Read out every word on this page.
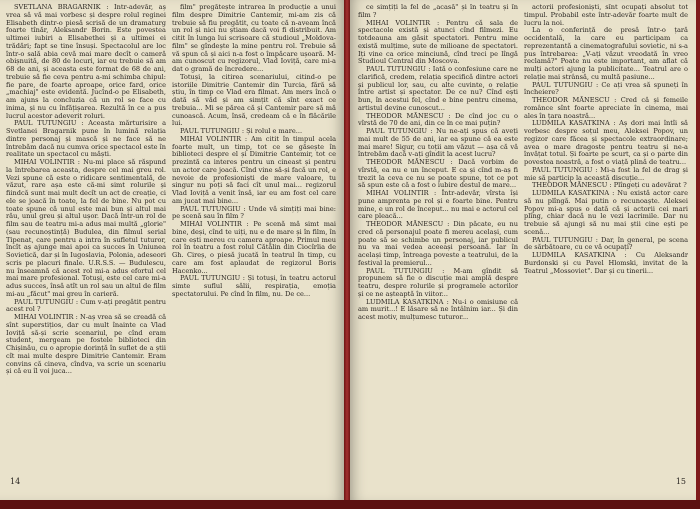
SVETLANA BRAGARNIK : Într-adevăr, aș vrea să vă mai vorbesc și despre rolul reginei Elisabeth dintr-o piesă scrisă de un dramaturg foarte tînăr, Aleksandr Borin. Este povestea ultimei iubiri a Elisabethei și a ultimei ei trădări; fapt se tine însuși. Spectacolul are loc într-o sală abia cevă mai mare decît o cameră obișnuită, de 80 de locuri, iar eu trebuie să am 68 de ani, și aceasta este format de 68 de ani, trebuie să fie ceva pentru a-mi schimba chipul: fie pare, de foarte aproape, orice fard, orice „machiaj" este evidentă. Jucînd-o pe Elisabeth, am ajuns la concluzia că un rol se face cu inima, și nu cu înfățișarea. Rezultă în ce a pus lucrul acestor adeverit roluri.

PAUL TUTUNGIU : Aceasta mărturisire a Svetlanei Bragarnik pune în lumină relația dintre personaj și mască și ne face să ne întrebăm dacă nu cumva orice spectacol este în realitate un spectacol cu măști.

MIHAI VOLINTIR : Nu-mi place să răspund la întrebarea aceasta, despre cel mai greu rol. Vezi spune că este o ridicare sentimentală, de văzut, rare așa este că-mi simt rolurile și fiindcă sunt mai mult decît un act de creație, ci ele se joacă în toate, la fel de bine. Nu pot cu toate spune că unul este mai bun și altul mai rău, unul greu și altul ușor. Dacă într-un rol de film sau de teatru mi-a adus mai multă „glorie" (sau recunoștință) Budulea, din filmul serial Tipenat, care pentru a intra în sufletul tuturor, încît aș ajunge mai apoi ca succes în Uniunea Sovietică, dar și în Iugoslavia, Polonia, adeseori scris pe placuri finale. U.R.S.S. — Budulescu, nu înseamnă că acest rol mi-a adus efortul cel mai mare profesional. Totuși, este cel care mi-a adus succes, însă atît un rol sau un altul de film mi-au „făcut" mai greu în carieră.

PAUL TUTUNGIU : Cum v-ați pregătit pentru acest rol ?

MIHAI VOLINTIR : N-aș vrea să se creadă că sînt superstițios, dar cu mult înainte ca Vlad Ioviță să-și scrie scenariul, pe cînd eram student, mergeam pe fostele biblioteci din Chișinău, cu o apropie dorință în suflet de a știi cît mai multe despre Dimitrie Cantemir. Eram convins că cineva, cîndva, va scrie un scenariu și că eu îl voi juca...

film" pregătește intrarea în producție a unui film despre Dimitrie Cantemir, mi-am zis că trebuie să fiu pregătit, cu toate că n-aveam încă un rol și nici nu știam dacă voi fi distribuit. Am citit în lunga lui scrisoare că studioul „Moldova-film" se gîndește la mine pentru rol. Trebuie să vă spun că și aici n-a fost o împăcare ușoară. M-am cunoscut cu regizorul, Vlad Ioviță, care mi-a dat o gramă de încredere...

Totuși, la citirea scenariului, citind-o pe istoriile Dimitrie Cantemir din Turcia, fără să știu, în timp ce Vlad era filmat. Am mers încă o dată să văd și am simțit că sînt exact ce trebuia... Mi se părea că și Cantemir pare să mă cunoască. Acum, însă, credeam că e în flăcările lui.

PAUL TUTUNGIU : Și rolul e mare...

MIHAI VOLINTIR : Am citit în timpul acela foarte mult, un timp, tot ce se găsește în biblioteci despre el și Dimitrie Cantemir, tot ce prezintă ca interes pentru un cineast și pentru un actor care joacă. Cînd vine să-și facă un rol, e nevoie de profesioniști de mare valoare, tu singur nu poți să faci cît unul mai... regizorul Vlad Ioviță a venit însă, iar eu am fost cel care am jucat mai bine...

PAUL TUTUNGIU : Unde vă simțiți mai bine: pe scenă sau în film ?

MIHAI VOLINTIR : Pe scenă mă simt mai bine, deși, cînd te uiți, nu e de mare și în film, în care ești mereu cu camera aproape. Primul meu rol în teatru a fost rolul Cătălin din Ciocîrlia de Gh. Cireș, o piesă jucată în teatrul în timp, cu care am fost aplaudat de regizorul Boris Hacenko...

PAUL TUTUNGIU : Și totuși, în teatru actorul simte suflul sălii, respirația, emoția spectatorului. Pe cînd în film, nu. De ce...

14

ce simțiți la fel de „acasă" și în teatru și în film ?

MIHAI VOLINTIR : Pentru că sala de spectacole există și atunci cînd filmezi. Eu totdeauna am găsit spectatori. Pentru mine există mulțime, sute de milioane de spectatori. Iți vine ca orice minciună, cînd treci pe lîngă Studioul Central din Moscova.

PAUL TUTUNGIU : Iată o confesiune care ne clarifică, credem, relația specifică dintre actori și publicul lor, sau, cu alte cuvinte, o relație între artist și spectator. De ce nu? Cînd ești bun, în acestui fel, cînd e bine pentru cinema, artistul devine cunoscut...

THEODOR MĂNESCU : De cînd joc cu o vîrstă de 70 de ani, din ce în ce mai puțin?

PAUL TUTUNGIU : Nu ne-ați spus că aveți mai mult de 55 de ani, iar ea spune că ea este mai mare! Sigur, cu toții am văzut — așa că vă întrebăm dacă v-ați gîndit la acest lucru?

THEODOR MĂNESCU : Dacă vorbim de vîrstă, ea nu e un început. E ca și cînd m-aș fi trezit la ceva ce nu se poate spune, tot ce pot să spun este că a fost o iubire destul de mare...

MIHAI VOLINTIR : Într-adevăr, vîrsta își pune amprenta pe rol și e foarte bine. Pentru mine, e un rol de început... nu mai e actorul cel care pleacă...

THEODOR MĂNESCU : Din păcate, eu nu cred că personajul poate fi mereu același, cum poate să se schimbe un personaj, iar publicul nu va mai vedea aceeași persoană. Iar în același timp, întreaga poveste a teatrului, de la festival la premierul...

PAUL TUTUNGIU : M-am gîndit să propunem să fie o discuție mai amplă despre teatru, despre rolurile și programele actorilor și ce ne așteaptă în viitor...

LUDMILA KASATKINA : Nu-i o omisiune că am murit...! E lăsare să ne întâlnim iar... Și din acest motiv, mulțumesc tuturor...

actorii profesioniști, sînt ocupați absolut tot timpul. Probabil este într-adevăr foarte mult de lucru la noi.

La o conferință de presă într-o țară occidentală, la care eu participam ca reprezentantă a cinematografului sovietic, ni s-a pus întrebarea: „V-ați văzut vreodată în vreo reclamă?" Poate nu este important, am aflat că mulți actori ajung la publicitate... Teatrul are o relație mai strânsă, cu multă pasiune...

PAUL TUTUNGIU : Ce ați vrea să spuneți în încheiere?

THEODOR MĂNESCU : Cred că și femeile românce sînt foarte apreciate în cinema, mai ales în țara noastră...

LUDMILA KASATKINA : Aș dori mai întîi să vorbesc despre soțul meu, Aleksei Popov, un regizor care făcea și spectacole extraordinare; avea o mare dragoste pentru teatru și ne-a învățat totul. Și foarte pe scurt, ca și o parte din povestea noastră, a fost o viață plină de teatru...

PAUL TUTUNGIU : Mi-a fost la fel de drag și mie să particip la această discuție...

THEODOR MĂNESCU : Plîngeți cu adevărat ?

LUDMILA KASATKINA : Nu există actor care să nu plîngă. Mai putin o recunoaște. Aleksei Popov mi-a spus o dată că și actorii cei mari plîng, chiar dacă nu le vezi lacrimile. Dar nu trebuie să ajungi să nu mai știi cine ești pe scenă...

PAUL TUTUNGIU : Dar, în general, pe scena de sărbătoare, cu ce vă ocupați?

LUDMILA KASATKINA : Cu Aleksandr Burdonski și cu Pavel Hlomski, invitat de la Teatrul „Mossoviet". Dar și cu tinerii...

15
